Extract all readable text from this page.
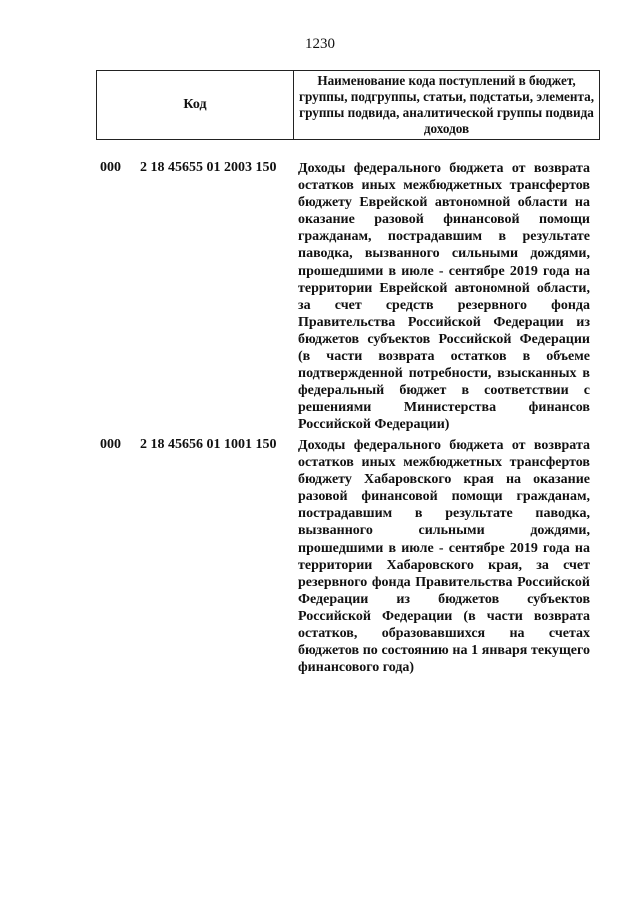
1230
Код
Наименование кода поступлений в бюджет, группы, подгруппы, статьи, подстатьи, элемента, группы подвида, аналитической группы подвида доходов
000 2 18 45655 01 2003 150 Доходы федерального бюджета от возврата остатков иных межбюджетных трансфертов бюджету Еврейской автономной области на оказание разовой финансовой помощи гражданам, пострадавшим в результате паводка, вызванного сильными дождями, прошедшими в июле - сентябре 2019 года на территории Еврейской автономной области, за счет средств резервного фонда Правительства Российской Федерации из бюджетов субъектов Российской Федерации (в части возврата остатков в объеме подтвержденной потребности, взысканных в федеральный бюджет в соответствии с решениями Министерства финансов Российской Федерации)
000 2 18 45656 01 1001 150 Доходы федерального бюджета от возврата остатков иных межбюджетных трансфертов бюджету Хабаровского края на оказание разовой финансовой помощи гражданам, пострадавшим в результате паводка, вызванного сильными дождями, прошедшими в июле - сентябре 2019 года на территории Хабаровского края, за счет резервного фонда Правительства Российской Федерации из бюджетов субъектов Российской Федерации (в части возврата остатков, образовавшихся на счетах бюджетов по состоянию на 1 января текущего финансового года)
